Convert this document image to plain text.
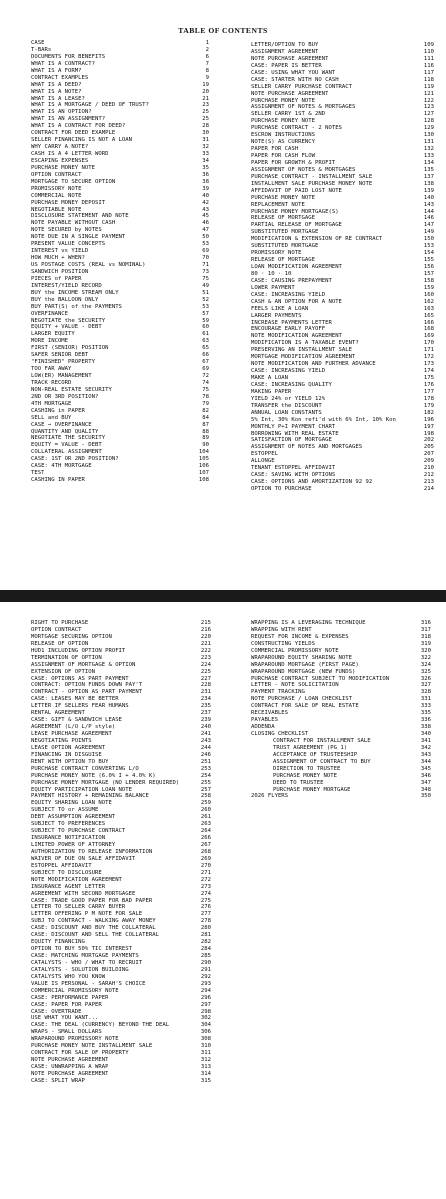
TABLE OF CONTENTS
CASE	1
T-BARs	2
DOCUMENTS FOR BENEFITS	6
WHAT IS A CONTRACT?	7
WHAT IS A FORM?	8
CONTRACT EXAMPLES	9
WHAT IS A DEED?	19
WHAT IS A NOTE?	20
WHAT IS A LEASE?	21
WHAT IS A MORTGAGE / DEED OF TRUST?	23
WHAT IS AN OPTION?	25
WHAT IS AN ASSIGNMENT?	25
WHAT IS A CONTRACT FOR DEED?	28
CONTRACT FOR DEED EXAMPLE	30
SELLER FINANCING IS NOT A LOAN	31
WHY CARRY A NOTE?	32
CASH IS A 4 LETTER WORD	33
ESCAPING EXPENSES	34
PURCHASE MONEY NOTE	35
OPTION CONTRACT	36
MORTGAGE TO SECURE OPTION	38
PROMISSORY NOTE	39
COMMERCIAL NOTE	40
PURCHASE MONEY DEPOSIT	42
NEGOTIABLE NOTE	43
DISCLOSURE STATEMENT AND NOTE	45
NOTE PAYABLE WITHOUT CASH	46
NOTE SECURED by NOTES	47
NOTE DUE IN A SINGLE PAYMENT	50
PRESENT VALUE CONCEPTS	53
INTEREST vs YIELD	69
HOW MUCH + WHEN?	70
US POSTAGE COSTS (REAL vs NOMINAL)	71
SANDWICH POSITION	73
PIECES of PAPER	75
INTEREST/YIELD RECORD	49
BUY the INCOME STREAM ONLY	51
BUY the BALLOON ONLY	52
BUY PART(S) of the PAYMENTS	53
OVERFINANCE	57
NEGOTIATE the SECURITY	59
EQUITY + VALUE - DEBT	60
LARGER EQUITY	61
MORE INCOME	63
FIRST (SENIOR) POSITION	65
SAFER SENIOR DEBT	66
"FINISHED" PROPERTY	67
TOO FAR AWAY	69
LOW(ER) MANAGEMENT	72
TRACK RECORD	74
NON-REAL ESTATE SECURITY	75
2ND OR 3RD POSITION?	78
4TH MORTGAGE	79
CASHING in PAPER	82
SELL and BUY	84
CASE → OVERFINANCE	87
QUANTITY AND QUALITY	88
NEGOTIATE THE SECURITY	89
EQUITY = VALUE - DEBT	90
COLLATERAL ASSIGNMENT	104
CASE: 1ST OR 2ND POSITION?	105
CASE: 4TH MORTGAGE	106
TEST	107
CASHING IN PAPER	108
LETTER/OPTION TO BUY	109
ASSIGNMENT AGREEMENT	110
NOTE PURCHASE AGREEMENT	111
CASE: PAPER IS BETTER	116
CASE: USING WHAT YOU WANT	117
CASE: STARTER WITH NO CASH	118
SELLER CARRY PURCHASE CONTRACT	119
NOTE PURCHASE AGREEMENT	121
PURCHASE MONEY NOTE	122
ASSIGNMENT OF NOTES & MORTGAGES	123
SELLER CARRY 1ST & 2ND	127
PURCHASE MONEY NOTE	128
PURCHASE CONTRACT - 2 NOTES	129
ESCROW INSTRUCTIONS	130
NOTE(S) AS CURRENCY	131
PAPER FOR CASH	132
PAPER FOR CASH FLOW	133
PAPER FOR GROWTH & PROFIT	134
ASSIGNMENT OF NOTES & MORTGAGES	135
PURCHASE CONTRACT - INSTALLMENT SALE	137
INSTALLMENT SALE PURCHASE MONEY NOTE	138
AFFIDAVIT OF PAID LOST NOTE	139
PURCHASE MONEY NOTE	140
REPLACEMENT NOTE	143
PURCHASE MONEY MORTGAGE(S)	144
RELEASE OF MORTGAGE	146
PARTIAL RELEASE OF MORTGAGE	147
SUBSTITUTED MORTGAGE	149
MODIFICATION & EXTENSION OF RE CONTRACT	150
SUBSTITUTED MORTGAGE	153
PROMISSORY NOTE	154
RELEASE OF MORTGAGE	155
LOAN MODIFICATION AGREEMENT	156
80 · 10 · 10	157
CASE: CAUSING PREPAYMENT	158
LOWER PAYMENT	159
CASE: INCREASING YIELD	160
CASH & AN OPTION FOR A NOTE	162
FEELS LIKE A LOAN	163
LARGER PAYMENTS	165
INCREASE PAYMENTS LETTER	166
ENCOURAGE EARLY PAYOFF	168
NOTE MODIFICATION AGREEMENT	169
MODIFICATION IS A TAXABLE EVENT?	170
PRESERVING AN INSTALLMENT SALE	171
MORTGAGE MODIFICATION AGREEMENT	172
NOTE MODIFICATION AND FURTHER ADVANCE	173
CASE: INCREASING YIELD	174
MAKE A LOAN	175
CASE: INCREASING QUALITY	176
MAKING PAPER	177
YIELD 24% or YIELD 12%	178
TRANSFER the DISCOUNT	179
ANNUAL LOAN CONSTANTS	182
5% Int, 30% Kon refi'd with 6% Int, 10% Kon	196
MONTHLY P+I PAYMENT CHART	197
BORROWING WITH REAL ESTATE	198
SATISFACTION OF MORTGAGE	202
ASSIGNMENT OF NOTES AND MORTGAGES	205
ESTOPPEL	207
ALLONGE	209
TENANT ESTOPPEL AFFIDAVIT	210
CASE: SAVING WITH OPTIONS	212
CASE: OPTIONS AND AMORTIZATION 92 92	213
OPTION TO PURCHASE	214
RIGHT TO PURCHASE	215
OPTION CONTRACT	216
MORTGAGE SECURING OPTION	220
RELEASE OF OPTION	221
HUD1 INCLUDING OPTION PROFIT	222
TERMINATION OF OPTION	223
ASSIGNMENT OF MORTGAGE & OPTION	224
EXTENSION OF OPTION	225
CASE: OPTIONS AS PART PAYMENT	227
CONTRACT: OPTION FUNDS DOWN PAY'T	228
CONTRACT - OPTION AS PART PAYMENT	231
CASE: LEASES MAY BE BETTER	234
LETTER IF SELLERS FEAR HUMANS	235
RENTAL AGREEMENT	237
CASE: GIFT & SANDWICH LEASE	239
AGREEMENT (L/O L/P style)	240
LEASE PURCHASE AGREEMENT	241
NEGOTIATING POINTS	243
LEASE OPTION AGREEMENT	244
FINANCING IN DISGUISE	246
RENT WITH OPTION TO BUY	251
PURCHASE CONTRACT CONVERTING L/O	253
PURCHASE MONEY NOTE (6.0% I + 4.0% K)	254
PURCHASE MONEY MORTGAGE (NO LENDER REQUIRED)	255
EQUITY PARTICIPATION LOAN NOTE	257
PAYMENT HISTORY + REMAINING BALANCE	258
EQUITY SHARING LOAN NOTE	259
SUBJECT TO or ASSUME	260
DEBT ASSUMPTION AGREEMENT	261
SUBJECT TO PREFERENCES	263
SUBJECT TO PURCHASE CONTRACT	264
INSURANCE NOTIFICATION	266
LIMITED POWER OF ATTORNEY	267
AUTHORIZATION TO RELEASE INFORMATION	268
WAIVER OF DUE ON SALE AFFIDAVIT	269
ESTOPPEL AFFIDAVIT	270
SUBJECT TO DISCLOSURE	271
NOTE MODIFICATION AGREEMENT	272
INSURANCE AGENT LETTER	273
AGREEMENT WITH SECOND MORTGAGEE	274
CASE: TRADE GOOD PAPER FOR BAD PAPER	275
LETTER TO SELLER CARRY BUYER	276
LETTER OFFERING P M NOTE FOR SALE	277
SUBJ TO CONTRACT - WALKING AWAY MONEY	278
CASE: DISCOUNT AND BUY THE COLLATERAL	280
CASE: DISCOUNT AND SELL THE COLLATERAL	281
EQUITY FINANCING	282
OPTION TO BUY 50% TIC INTEREST	284
CASE: MATCHING MORTGAGE PAYMENTS	285
CATALYSTS - WHO / WHAT TO RECRUIT	290
CATALYSTS - SOLUTION BUILDING	291
CATALYSTS WHO YOU KNOW	292
VALUE IS PERSONAL - SARAH'S CHOICE	293
COMMERCIAL PROMISSORY NOTE	294
CASE: PERFORMANCE PAPER	296
CASE: PAPER FOR PAPER	297
CASE: OVERTRADE	298
USE WHAT YOU WANT...	302
CASE: THE DEAL (CURRENCY) BEYOND THE DEAL	304
WRAPS - SMALL DOLLARS	306
WRAPAROUND PROMISSORY NOTE	308
PURCHASE MONEY NOTE INSTALLMENT SALE	310
CONTRACT FOR SALE OF PROPERTY	311
NOTE PURCHASE AGREEMENT	312
CASE: UNWRAPPING A WRAP	313
NOTE PURCHASE AGREEMENT	314
CASE: SPLIT WRAP	315
WRAPPING IS A LEVERAGING TECHNIQUE	316
WRAPPING WITH RENT	317
REQUEST FOR INCOME & EXPENSES	318
CONSTRUCTING YIELDS	319
COMMERCIAL PROMISSORY NOTE	320
WRAPAROUND EQUITY SHARING NOTE	322
WRAPAROUND MORTGAGE (FIRST PAGE)	324
WRAPAROUND MORTGAGE (NEW FUNDS)	325
PURCHASE CONTRACT SUBJECT TO MODIFICATION	326
LETTER - NOTE SOLICITATION	327
PAYMENT TRACKING	328
NOTE PURCHASE / LOAN CHECKLIST	331
CONTRACT FOR SALE OF REAL ESTATE	333
RECEIVABLES	335
PAYABLES	336
ADDENDA	338
CLOSING CHECKLIST	340
CONTRACT FOR INSTALLMENT SALE	341
TRUST AGREEMENT (PG 1)	342
ACCEPTANCE OF TRUSTEESHIP	343
ASSIGNMENT OF CONTRACT TO BUY	344
DIRECTION TO TRUSTEE	345
PURCHASE MONEY NOTE	346
DEED TO TRUSTEE	347
PURCHASE MONEY MORTGAGE	348
2026 FLYERS	350
